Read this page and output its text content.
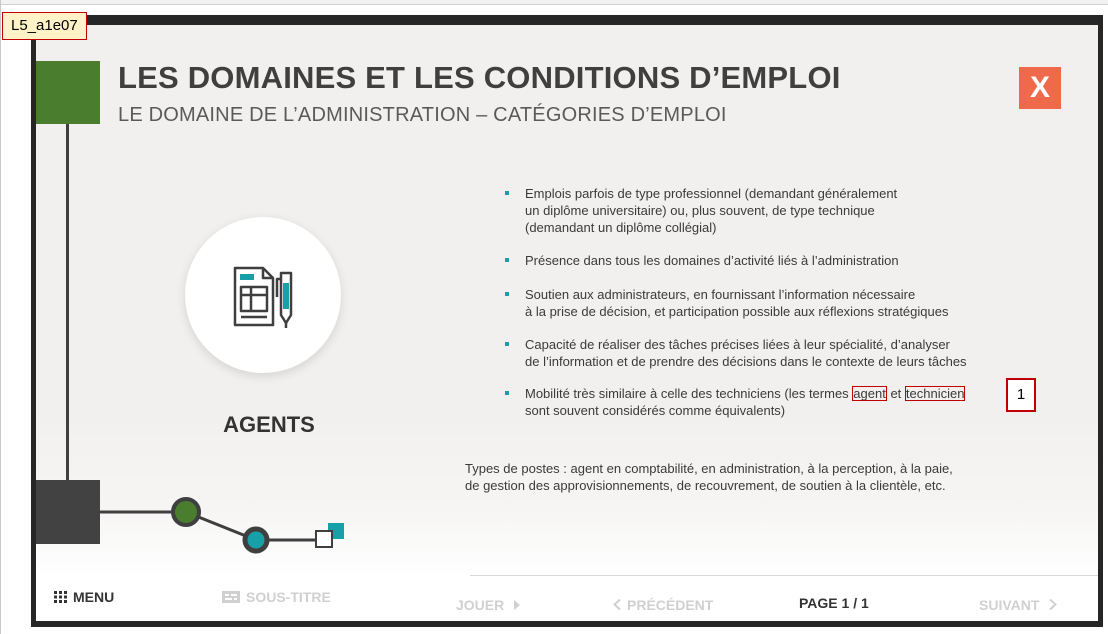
L5_a1e07
LES DOMAINES ET LES CONDITIONS D’EMPLOI
LE DOMAINE DE L’ADMINISTRATION – CATÉGORIES D’EMPLOI
X
AGENTS
Emplois parfois de type professionnel (demandant généralement
un diplôme universitaire) ou, plus souvent, de type technique
(demandant un diplôme collégial)
Présence dans tous les domaines d’activité liés à l’administration
Soutien aux administrateurs, en fournissant l’information nécessaire
à la prise de décision, et participation possible aux réflexions stratégiques
Capacité de réaliser des tâches précises liées à leur spécialité, d’analyser
de l’information et de prendre des décisions dans le contexte de leurs tâches
Mobilité très similaire à celle des techniciens (les termes agent et technicien
sont souvent considérés comme équivalents)
1
Types de postes : agent en comptabilité, en administration, à la perception, à la paie,
de gestion des approvisionnements, de recouvrement, de soutien à la clientèle, etc.
MENU	SOUS-TITRE	JOUER	PRÉCÉDENT	PAGE 1 / 1	SUIVANT
